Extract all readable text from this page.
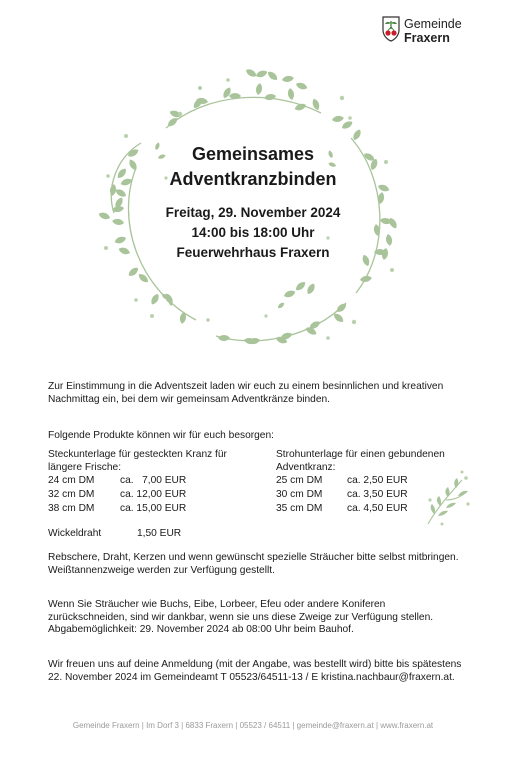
Gemeinde
Fraxern
Gemeinsames
Adventkranzbinden
Freitag, 29. November 2024
14:00 bis 18:00 Uhr
Feuerwehrhaus Fraxern
Zur Einstimmung in die Adventszeit laden wir euch zu einem besinnlichen und kreativen
Nachmittag ein, bei dem wir gemeinsam Adventkränze binden.
Folgende Produkte können wir für euch besorgen:
Steckunterlage für gesteckten Kranz für
längere Frische:
24 cm DM	ca.   7,00 EUR
32 cm DM	ca. 12,00 EUR
38 cm DM	ca. 15,00 EUR
Strohunterlage für einen gebundenen
Adventkranz:
25 cm DM ca. 2,50 EUR
30 cm DM ca. 3,50 EUR
35 cm DM ca. 4,50 EUR
Wickeldraht	1,50 EUR
Rebschere, Draht, Kerzen und wenn gewünscht spezielle Sträucher bitte selbst mitbringen.
Weißtannenzweige werden zur Verfügung gestellt.
Wenn Sie Sträucher wie Buchs, Eibe, Lorbeer, Efeu oder andere Koniferen
zurückschneiden, sind wir dankbar, wenn sie uns diese Zweige zur Verfügung stellen.
Abgabemöglichkeit: 29. November 2024 ab 08:00 Uhr beim Bauhof.
Wir freuen uns auf deine Anmeldung (mit der Angabe, was bestellt wird) bitte bis spätestens
22. November 2024 im Gemeindeamt T 05523/64511-13 / E kristina.nachbaur@fraxern.at.
Gemeinde Fraxern | Im Dorf 3 | 6833 Fraxern | 05523 / 64511 | gemeinde@fraxern.at | www.fraxern.at
